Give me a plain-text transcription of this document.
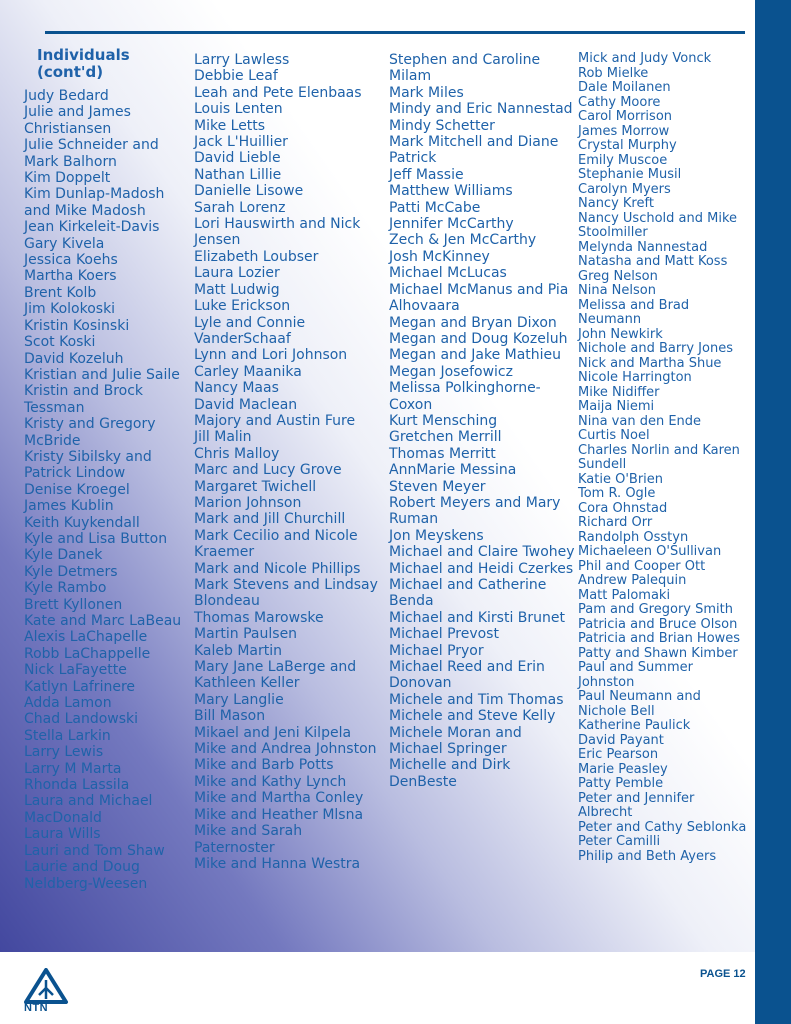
Individuals (cont'd)
Judy Bedard
Julie and James Christiansen
Julie Schneider and Mark Balhorn
Kim Doppelt
Kim Dunlap-Madosh and Mike Madosh
Jean Kirkeleit-Davis
Gary Kivela
Jessica Koehs
Martha Koers
Brent Kolb
Jim Kolokoski
Kristin Kosinski
Scot Koski
David Kozeluh
Kristian and Julie Saile
Kristin and Brock Tessman
Kristy and Gregory McBride
Kristy Sibilsky and Patrick Lindow
Denise Kroegel
James Kublin
Keith Kuykendall
Kyle and Lisa Button
Kyle Danek
Kyle Detmers
Kyle Rambo
Brett Kyllonen
Kate and Marc LaBeau
Alexis LaChapelle
Robb LaChappelle
Nick LaFayette
Katlyn Lafrinere
Adda Lamon
Chad Landowski
Stella Larkin
Larry Lewis
Larry M Marta
Rhonda Lassila
Laura and Michael MacDonald
Laura Wills
Lauri and Tom Shaw
Laurie and Doug Neldberg-Weesen
Larry Lawless
Debbie Leaf
Leah and Pete Elenbaas
Louis Lenten
Mike Letts
Jack L'Huillier
David Lieble
Nathan Lillie
Danielle Lisowe
Sarah Lorenz
Lori Hauswirth and Nick Jensen
Elizabeth Loubser
Laura Lozier
Matt Ludwig
Luke Erickson
Lyle and Connie VanderSchaaf
Lynn and Lori Johnson
Carley Maanika
Nancy Maas
David Maclean
Majory and Austin Fure
Jill Malin
Chris Malloy
Marc and Lucy Grove
Margaret Twichell
Marion Johnson
Mark and Jill Churchill
Mark Cecilio and Nicole Kraemer
Mark and Nicole Phillips
Mark Stevens and Lindsay Blondeau
Thomas Marowske
Martin Paulsen
Kaleb Martin
Mary Jane LaBerge and Kathleen Keller
Mary Langlie
Bill Mason
Mikael and Jeni Kilpela
Mike and Andrea Johnston
Mike and Barb Potts
Mike and Kathy Lynch
Mike and Martha Conley
Mike and Heather Mlsna
Mike and Sarah Paternoster
Mike and Hanna Westra
Stephen and Caroline Milam
Mark Miles
Mindy and Eric Nannestad
Mindy Schetter
Mark Mitchell and Diane Patrick
Jeff Massie
Matthew Williams
Patti McCabe
Jennifer McCarthy
Zech & Jen McCarthy
Josh McKinney
Michael McLucas
Michael McManus and Pia Alhovaara
Megan and Bryan Dixon
Megan and Doug Kozeluh
Megan and Jake Mathieu
Megan Josefowicz
Melissa Polkinghorne-Coxon
Kurt Mensching
Gretchen Merrill
Thomas Merritt
AnnMarie Messina
Steven Meyer
Robert Meyers and Mary Ruman
Jon Meyskens
Michael and Claire Twohey
Michael and Heidi Czerkes
Michael and Catherine Benda
Michael and Kirsti Brunet
Michael Prevost
Michael Pryor
Michael Reed and Erin Donovan
Michele and Tim Thomas
Michele and Steve Kelly
Michele Moran and Michael Springer
Michelle and Dirk DenBeste
Mick and Judy Vonck
Rob Mielke
Dale Moilanen
Cathy Moore
Carol Morrison
James Morrow
Crystal Murphy
Emily Muscoe
Stephanie Musil
Carolyn Myers
Nancy Kreft
Nancy Uschold and Mike Stoolmiller
Melynda Nannestad
Natasha and Matt Koss
Greg Nelson
Nina Nelson
Melissa and Brad Neumann
John Newkirk
Nichole and Barry Jones
Nick and Martha Shue
Nicole Harrington
Mike Nidiffer
Maija Niemi
Nina van den Ende
Curtis Noel
Charles Norlin and Karen Sundell
Katie O'Brien
Tom R. Ogle
Cora Ohnstad
Richard Orr
Randolph Osstyn
Michaeleen O'Sullivan
Phil and Cooper Ott
Andrew Palequin
Matt Palomaki
Pam and Gregory Smith
Patricia and Bruce Olson
Patricia and Brian Howes
Patty and Shawn Kimber
Paul and Summer Johnston
Paul Neumann and Nichole Bell
Katherine Paulick
David Payant
Eric Pearson
Marie Peasley
Patty Pemble
Peter and Jennifer Albrecht
Peter and Cathy Seblonka
Peter Camilli
Philip and Beth Ayers
NTN
PAGE 12
